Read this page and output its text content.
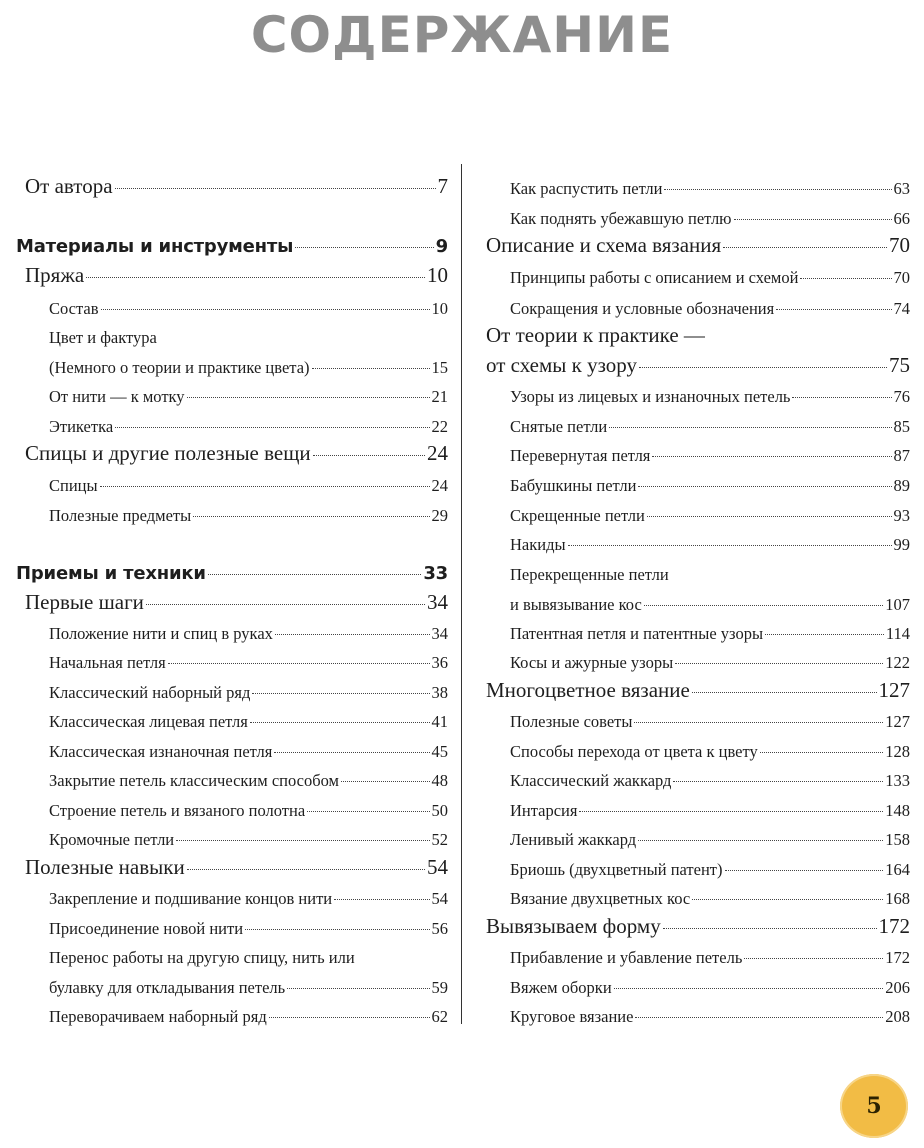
СОДЕРЖАНИЕ
От автора	7
Материалы и инструменты	9
Пряжа	10
Состав	10
Цвет и фактура
(Немного о теории и практике цвета)	15
От нити — к мотку	21
Этикетка	22
Спицы и другие полезные вещи	24
Спицы	24
Полезные предметы	29
Приемы и техники	33
Первые шаги	34
Положение нити и спиц в руках	34
Начальная петля	36
Классический наборный ряд	38
Классическая лицевая петля	41
Классическая изнаночная петля	45
Закрытие петель классическим способом	48
Строение петель и вязаного полотна	50
Кромочные петли	52
Полезные навыки	54
Закрепление и подшивание концов нити	54
Присоединение новой нити	56
Перенос работы на другую спицу, нить или
булавку для откладывания петель	59
Переворачиваем наборный ряд	62
Как распустить петли	63
Как поднять убежавшую петлю	66
Описание и схема вязания	70
Принципы работы с описанием и схемой	70
Сокращения и условные обозначения	74
От теории к практике —
от схемы к узору	75
Узоры из лицевых и изнаночных петель	76
Снятые петли	85
Перевернутая петля	87
Бабушкины петли	89
Скрещенные петли	93
Накиды	99
Перекрещенные петли
и вывязывание кос	107
Патентная петля и патентные узоры	114
Косы и ажурные узоры	122
Многоцветное вязание	127
Полезные советы	127
Способы перехода от цвета к цвету	128
Классический жаккард	133
Интарсия	148
Ленивый жаккард	158
Бриошь (двухцветный патент)	164
Вязание двухцветных кос	168
Вывязываем форму	172
Прибавление и убавление петель	172
Вяжем оборки	206
Круговое вязание	208
5
